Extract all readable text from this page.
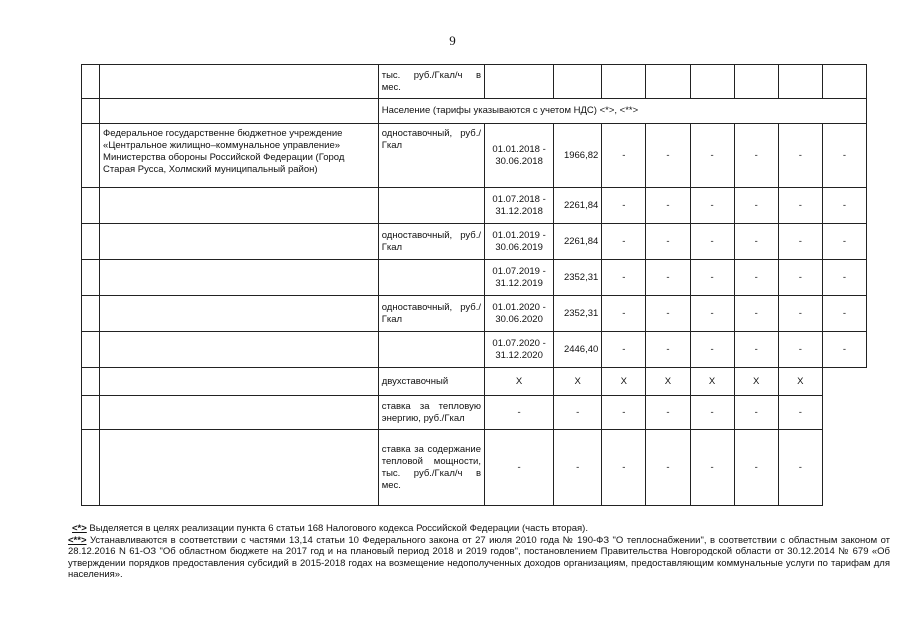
9
		тыс. руб./Гкал/ч в мес.								
		Население (тарифы указываются с учетом НДС) <*>, <**>								
	Федеральное государственне бюджетное учреждение «Центральное жилищно–коммунальное управление» Министерства обороны Российской Федерации (Город Старая Русса, Холмский муниципальный район)	одноставочный, руб./Гкал	01.01.2018 - 30.06.2018	1966,82	-	-	-	-	-	-
			01.07.2018 - 31.12.2018	2261,84	-	-	-	-	-	-
		одноставочный, руб./Гкал	01.01.2019 - 30.06.2019	2261,84	-	-	-	-	-	-
			01.07.2019 - 31.12.2019	2352,31	-	-	-	-	-	-
		одноставочный, руб./Гкал	01.01.2020 - 30.06.2020	2352,31	-	-	-	-	-	-
			01.07.2020 - 31.12.2020	2446,40	-	-	-	-	-	-
		двухставочный	X	X	X	X	X	X	X	
		ставка за тепловую энергию, руб./Гкал	-	-	-	-	-	-	-	
		ставка за содержание тепловой мощности, тыс. руб./Гкал/ч в мес.	-	-	-	-	-	-	-	

<*> Выделяется в целях реализации пункта 6 статьи 168 Налогового кодекса Российской Федерации (часть вторая).

<**> Устанавливаются в соответствии с частями 13,14 статьи 10 Федерального закона от 27 июля 2010 года № 190-ФЗ "О теплоснабжении", в соответствии с областным законом от 28.12.2016 N 61-ОЗ "Об областном бюджете на 2017 год и на плановый период 2018 и 2019 годов", постановлением Правительства Новгородской области от 30.12.2014 № 679 «Об утверждении порядков предоставления субсидий в 2015-2018 годах на возмещение недополученных доходов организациям, предоставляющим коммунальные услуги по тарифам для населения».
